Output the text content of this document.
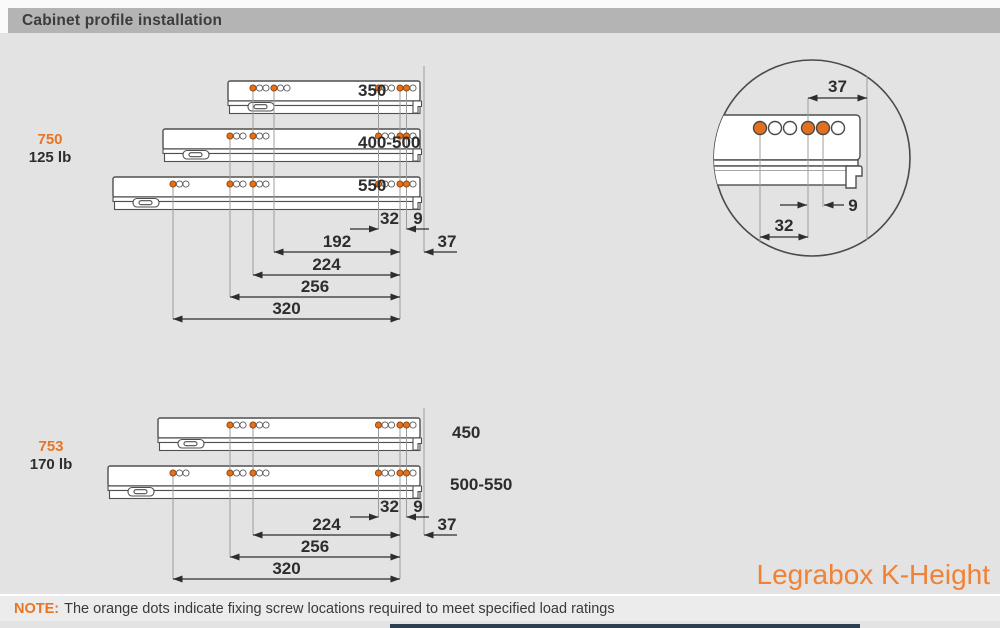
Cabinet profile installation
32 9
192	37
224
256
320
350
400-500
550
750
125 lb
32 9
224	37
256
320
450
500-550
753
170 lb
37
9
32
Legrabox K-Height
NOTE: The orange dots indicate fixing screw locations required to meet specified load ratings
